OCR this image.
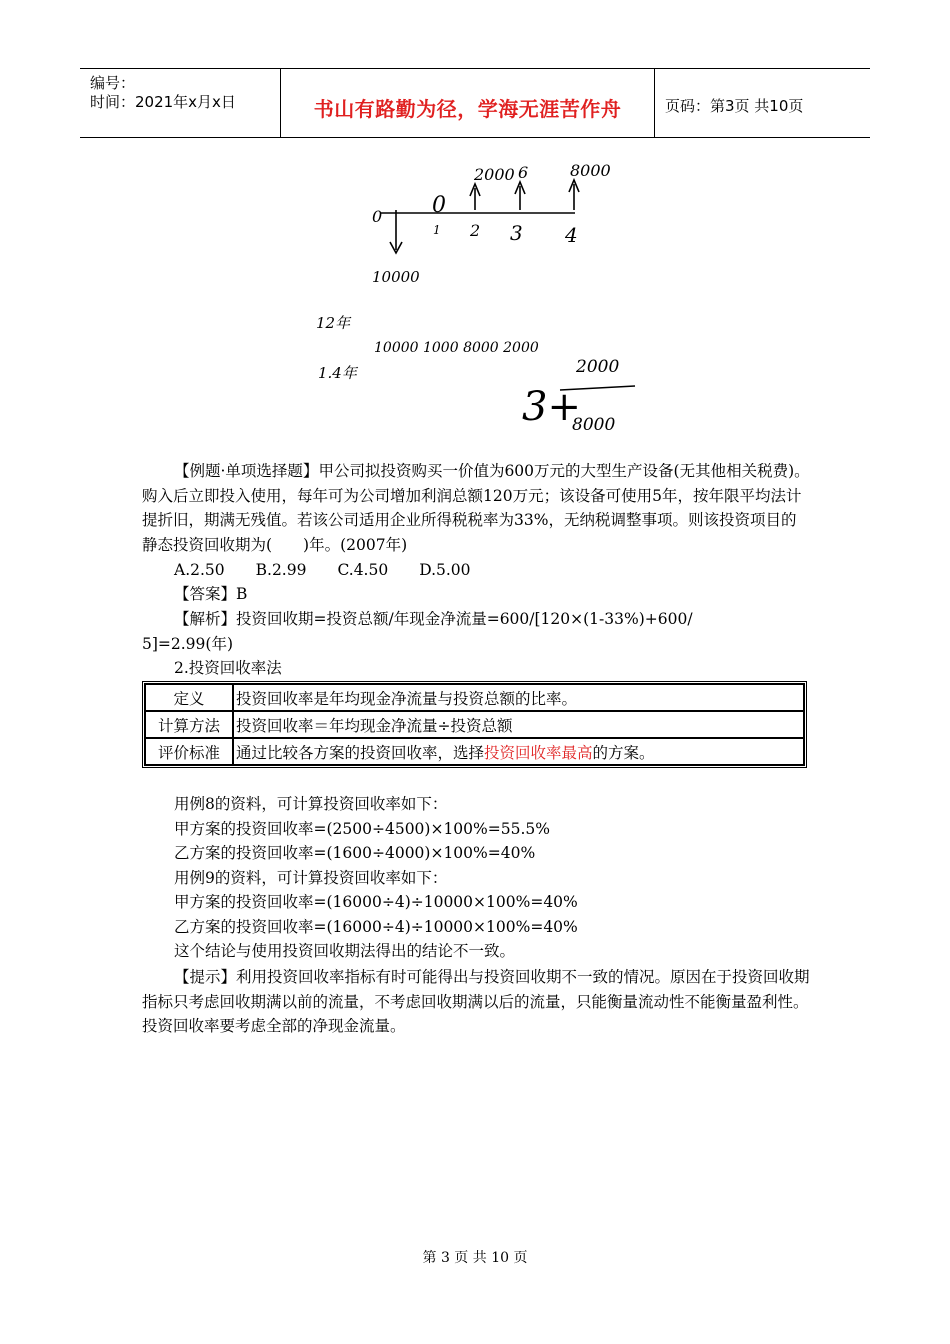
编号：
时间：2021年x月x日	书山有路勤为径，学海无涯苦作舟	页码：第3页 共10页
2000 6	8000
0
1 2 3 4
0
10000
12年
1.4年
10000 1000 8000 2000
3+
2000
8000
【例题·单项选择题】甲公司拟投资购买一价值为600万元的大型生产设备(无其他相关税费)。购入后立即投入使用，每年可为公司增加利润总额120万元；该设备可使用5年，按年限平均法计提折旧，期满无残值。若该公司适用企业所得税税率为33%，无纳税调整事项。则该投资项目的静态投资回收期为(　　)年。(2007年)
A.2.50　　B.2.99　　C.4.50　　D.5.00
【答案】B
【解析】投资回收期=投资总额/年现金净流量=600/[120×(1-33%)+600/
5]=2.99(年)
2.投资回收率法
定义	投资回收率是年均现金净流量与投资总额的比率。
计算方法	投资回收率＝年均现金净流量÷投资总额
评价标准	通过比较各方案的投资回收率，选择投资回收率最高的方案。
用例8的资料，可计算投资回收率如下：
甲方案的投资回收率=(2500÷4500)×100%=55.5%
乙方案的投资回收率=(1600÷4000)×100%=40%
用例9的资料，可计算投资回收率如下：
甲方案的投资回收率=(16000÷4)÷10000×100%=40%
乙方案的投资回收率=(16000÷4)÷10000×100%=40%
这个结论与使用投资回收期法得出的结论不一致。
【提示】利用投资回收率指标有时可能得出与投资回收期不一致的情况。原因在于投资回收期指标只考虑回收期满以前的流量，不考虑回收期满以后的流量，只能衡量流动性不能衡量盈利性。投资回收率要考虑全部的净现金流量。
第 3 页 共 10 页
